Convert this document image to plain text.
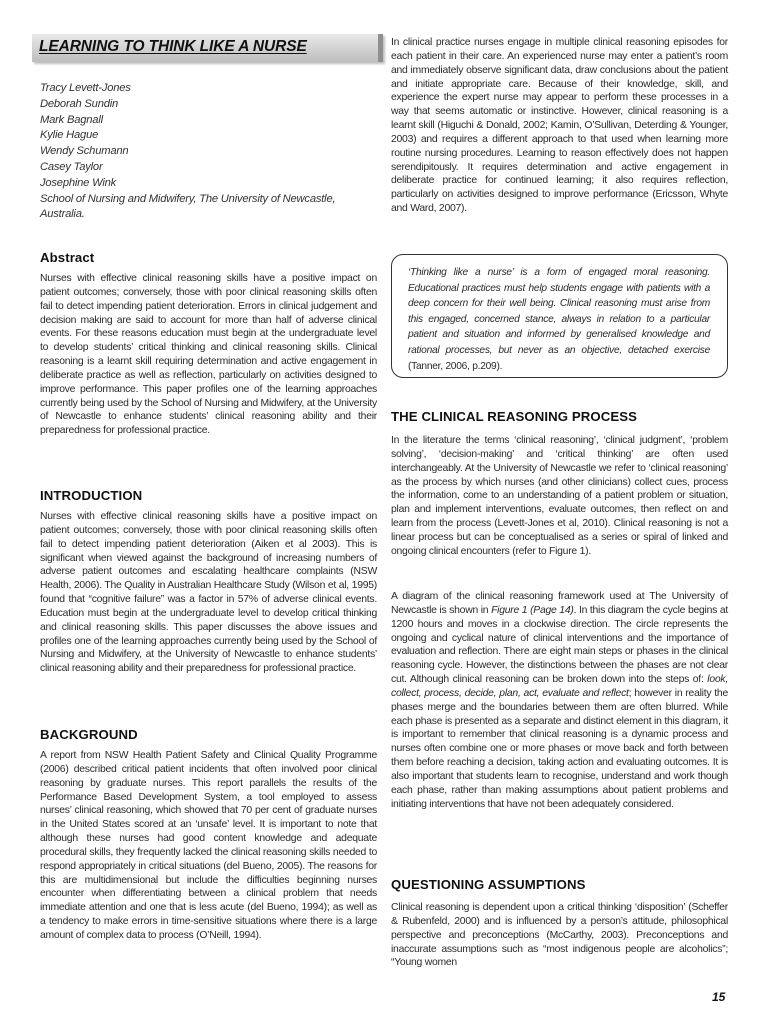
LEARNING TO THINK LIKE A NURSE
Tracy Levett-Jones
Deborah Sundin
Mark Bagnall
Kylie Hague
Wendy Schumann
Casey Taylor
Josephine Wink
School of Nursing and Midwifery, The University of Newcastle,
Australia.
Abstract
Nurses with effective clinical reasoning skills have a positive impact on patient outcomes; conversely, those with poor clinical reasoning skills often fail to detect impending patient deterioration. Errors in clinical judgement and decision making are said to account for more than half of adverse clinical events. For these reasons education must begin at the undergraduate level to develop students’ critical thinking and clinical reasoning skills. Clinical reasoning is a learnt skill requiring determination and active engagement in deliberate practice as well as reflection, particularly on activities designed to improve performance. This paper profiles one of the learning approaches currently being used by the School of Nursing and Midwifery, at the University of Newcastle to enhance students’ clinical reasoning ability and their preparedness for professional practice.
INTRODUCTION
Nurses with effective clinical reasoning skills have a positive impact on patient outcomes; conversely, those with poor clinical reasoning skills often fail to detect impending patient deterioration (Aiken et al 2003). This is significant when viewed against the background of increasing numbers of adverse patient outcomes and escalating healthcare complaints (NSW Health, 2006). The Quality in Australian Healthcare Study (Wilson et al, 1995) found that “cognitive failure” was a factor in 57% of adverse clinical events. Education must begin at the undergraduate level to develop critical thinking and clinical reasoning skills. This paper discusses the above issues and profiles one of the learning approaches currently being used by the School of Nursing and Midwifery, at the University of Newcastle to enhance students’ clinical reasoning ability and their preparedness for professional practice.
BACKGROUND
A report from NSW Health Patient Safety and Clinical Quality Programme (2006) described critical patient incidents that often involved poor clinical reasoning by graduate nurses. This report parallels the results of the Performance Based Development System, a tool employed to assess nurses’ clinical reasoning, which showed that 70 per cent of graduate nurses in the United States scored at an ‘unsafe’ level. It is important to note that although these nurses had good content knowledge and adequate procedural skills, they frequently lacked the clinical reasoning skills needed to respond appropriately in critical situations (del Bueno, 2005). The reasons for this are multidimensional but include the difficulties beginning nurses encounter when differentiating between a clinical problem that needs immediate attention and one that is less acute (del Bueno, 1994); as well as a tendency to make errors in time-sensitive situations where there is a large amount of complex data to process (O’Neill, 1994).
In clinical practice nurses engage in multiple clinical reasoning episodes for each patient in their care. An experienced nurse may enter a patient’s room and immediately observe significant data, draw conclusions about the patient and initiate appropriate care. Because of their knowledge, skill, and experience the expert nurse may appear to perform these processes in a way that seems automatic or instinctive. However, clinical reasoning is a learnt skill (Higuchi & Donald, 2002; Kamin, O’Sullivan, Deterding & Younger, 2003) and requires a different approach to that used when learning more routine nursing procedures. Learning to reason effectively does not happen serendipitously. It requires determination and active engagement in deliberate practice for continued learning; it also requires reflection, particularly on activities designed to improve performance (Ericsson, Whyte and Ward, 2007).
‘Thinking like a nurse’ is a form of engaged moral reasoning. Educational practices must help students engage with patients with a deep concern for their well being. Clinical reasoning must arise from this engaged, concerned stance, always in relation to a particular patient and situation and informed by generalised knowledge and rational processes, but never as an objective, detached exercise (Tanner, 2006, p.209).
THE CLINICAL REASONING PROCESS
In the literature the terms ‘clinical reasoning’, ‘clinical judgment’, ‘problem solving’, ‘decision-making’ and ‘critical thinking’ are often used interchangeably. At the University of Newcastle we refer to ‘clinical reasoning’ as the process by which nurses (and other clinicians) collect cues, process the information, come to an understanding of a patient problem or situation, plan and implement interventions, evaluate outcomes, then reflect on and learn from the process (Levett-Jones et al, 2010). Clinical reasoning is not a linear process but can be conceptualised as a series or spiral of linked and ongoing clinical encounters (refer to Figure 1).
A diagram of the clinical reasoning framework used at The University of Newcastle is shown in Figure 1 (Page 14). In this diagram the cycle begins at 1200 hours and moves in a clockwise direction. The circle represents the ongoing and cyclical nature of clinical interventions and the importance of evaluation and reflection. There are eight main steps or phases in the clinical reasoning cycle. However, the distinctions between the phases are not clear cut. Although clinical reasoning can be broken down into the steps of: look, collect, process, decide, plan, act, evaluate and reflect; however in reality the phases merge and the boundaries between them are often blurred. While each phase is presented as a separate and distinct element in this diagram, it is important to remember that clinical reasoning is a dynamic process and nurses often combine one or more phases or move back and forth between them before reaching a decision, taking action and evaluating outcomes. It is also important that students learn to recognise, understand and work though each phase, rather than making assumptions about patient problems and initiating interventions that have not been adequately considered.
QUESTIONING ASSUMPTIONS
Clinical reasoning is dependent upon a critical thinking ‘disposition’ (Scheffer & Rubenfeld, 2000) and is influenced by a person’s attitude, philosophical perspective and preconceptions (McCarthy, 2003). Preconceptions and inaccurate assumptions such as “most indigenous people are alcoholics”; “Young women
15
